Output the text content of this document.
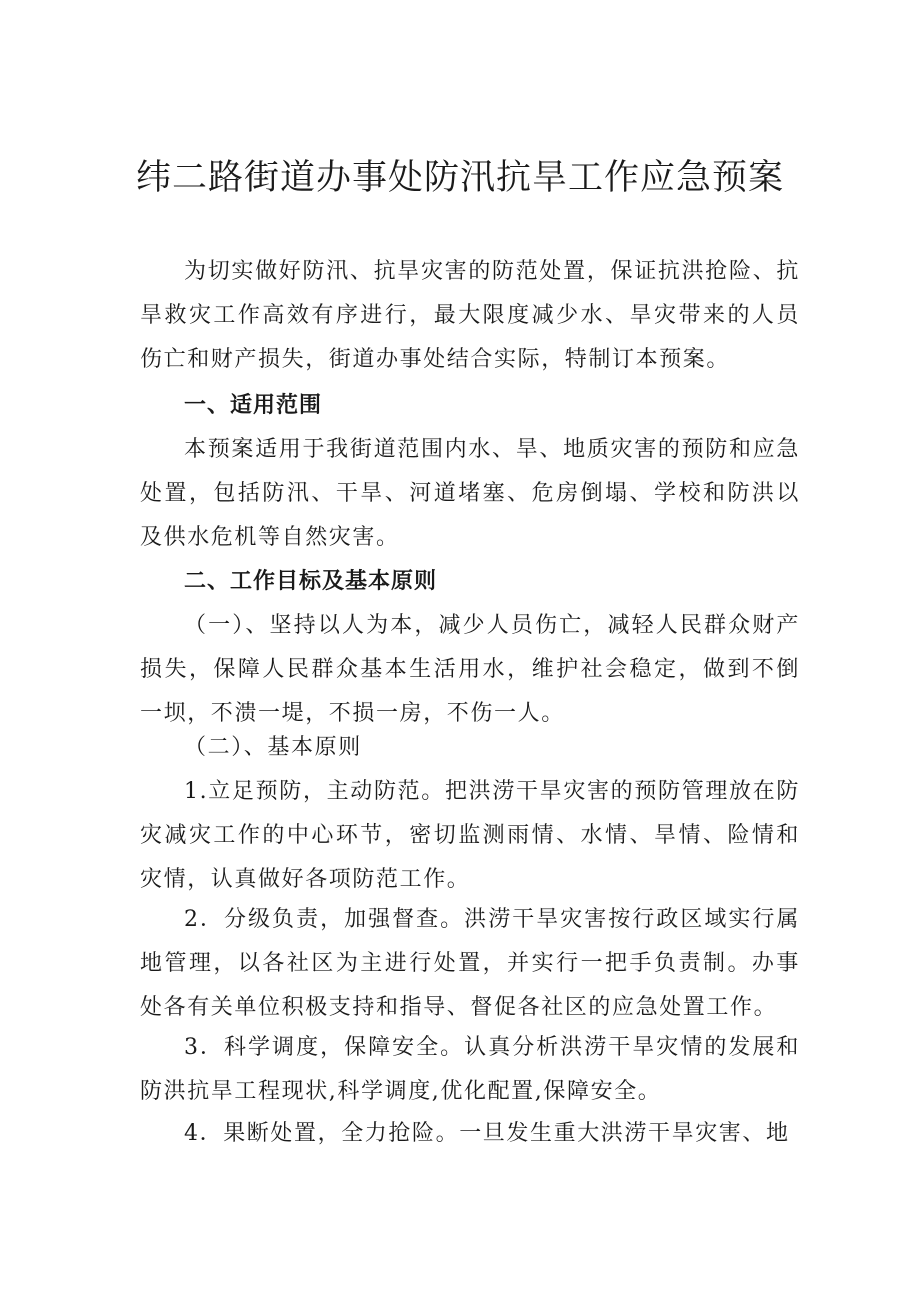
纬二路街道办事处防汛抗旱工作应急预案

为切实做好防汛、抗旱灾害的防范处置，保证抗洪抢险、抗旱救灾工作高效有序进行，最大限度减少水、旱灾带来的人员伤亡和财产损失，街道办事处结合实际，特制订本预案。

一、适用范围

本预案适用于我街道范围内水、旱、地质灾害的预防和应急处置，包括防汛、干旱、河道堵塞、危房倒塌、学校和防洪以及供水危机等自然灾害。

二、工作目标及基本原则

（一）、坚持以人为本，减少人员伤亡，减轻人民群众财产损失，保障人民群众基本生活用水，维护社会稳定，做到不倒一坝，不溃一堤，不损一房，不伤一人。

（二）、基本原则

1.立足预防，主动防范。把洪涝干旱灾害的预防管理放在防灾减灾工作的中心环节，密切监测雨情、水情、旱情、险情和灾情，认真做好各项防范工作。

2．分级负责，加强督查。洪涝干旱灾害按行政区域实行属地管理，以各社区为主进行处置，并实行一把手负责制。办事处各有关单位积极支持和指导、督促各社区的应急处置工作。

3．科学调度，保障安全。认真分析洪涝干旱灾情的发展和防洪抗旱工程现状,科学调度,优化配置,保障安全。

4．果断处置，全力抢险。一旦发生重大洪涝干旱灾害、地
